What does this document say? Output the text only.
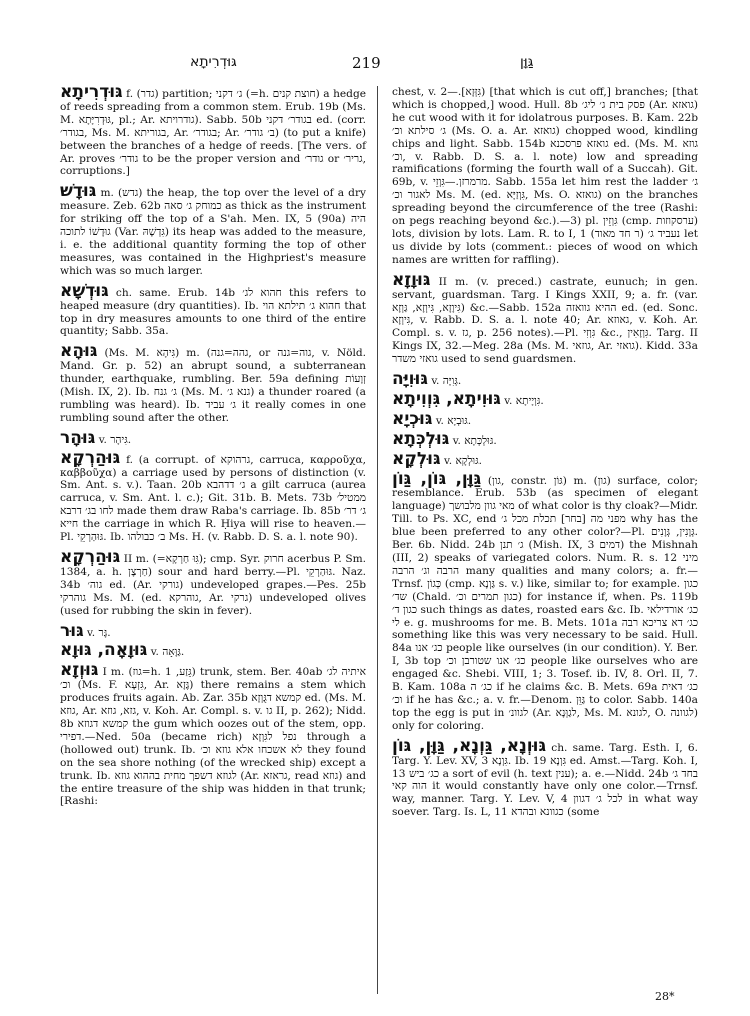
גּוּדְרִיתָא	219	גַּוָּן

גּוּדְרִיתָא f. (גדר) partition; ג׳ דקני (=h. חוצת קנים) a hedge of reeds spreading from a common stem. Erub. 19b (Ms. M. גּוּדְרִיָּתָא, pl.; Ar. גודרויתא). Sabb. 50b בגודר׳ דקני ed. (corr. בגודר׳, Ms. M. בגוריתא, Ar. בגודר׳; Ar. ב׳ גודר׳) (to put a knife) between the branches of a hedge of reeds. [The vers. of Ar. proves גודר׳ to be the proper version and גודר׳ or גריר׳, corruptions.]

גּוּדָשׁ m. (גדש) the heap, the top over the level of a dry measure. Zeb. 62b כמוחק ג׳ סאה as thick as the instrument for striking off the top of a S'ah. Men. IX, 5 (90a) היה גוּדָשׁוֹ לתוכה (Var. גִּדְשָׁהּ) its heap was added to the measure, i. e. the additional quantity forming the top of other measures, was contained in the Highpriest's measure which was so much larger.

גּוּדְשָׁא ch. same. Erub. 14b חהוא לג׳ this refers to heaped measure (dry quantities). Ib. חהוא ג׳ תילתא הוי that top in dry measures amounts to one third of the entire quantity; Sabb. 35a.

גּוּהָא (Ms. M. גִּיהָא) m. (גהה=גנה, or גוה=גנה, v. Nöld. Mand. Gr. p. 52) an abrupt sound, a subterranean thunder, earthquake, rumbling. Ber. 59a defining זְוָעוֹת (Mish. IX, 2). Ib. ג׳ גנח (Ms. M. גנא ג׳) a thunder roared (a rumbling was heard). Ib. ג׳ עביד it really comes in one rumbling sound after the other.

גּוּהָר v. גִּיהָר.

גּוּהַרְקָא f. (a corrupt. of גרהוקא, carruca, καρροῦχα, καββοῦχα) a carriage used by persons of distinction (v. Sm. Ant. s. v.). Taan. 20b ג׳ דדהבא a gilt carruca (aurea carruca, v. Sm. Ant. l. c.); Git. 31b. B. Mets. 73b ממטיל׳ לחו בג׳ דרבא made them draw Raba's carriage. Ib. 85b ג׳ דר׳ חייא the carriage in which R. Ḥiya will rise to heaven.—Pl. גּוּהַרְקֵי. Ib. ב׳ כבולהו Ms. H. (v. Rabb. D. S. a. l. note 90).

גּוּהַרְקָא II m. (=גִּוּ חַרְקָא); cmp. Syr. חרוק acerbus P. Sm. 1384, a. h. חַרְצָן) sour and hard berry.—Pl. גּוּהַרְקֵי. Naz. 34b גוה׳ ed. (Ar. גורקי) undeveloped grapes.—Pes. 25b גוהרקי Ms. M. (ed. גוהרקא, Ar. גרקי) undeveloped olives (used for rubbing the skin in fever).

גּוּר v. גָּר.

גּוּוָאָה, גּוּוָא v. גַּוָּאָה.

גּוּוְזָא I m. (גוז=h. גֵּזַע, 1) trunk, stem. Ber. 40ab איתיה לג׳ וכ׳ (Ms. F. גִּזְעָא, Ar. גֶּזָא) there remains a stem which produces fruits again. Ab. Zar. 35b קמשא דגֻּוְזָא ed. (Ms. M. גוזא, Ar. גזא, גוזא, v. Koh. Ar. Compl. s. v. גו II, p. 262); Nidd. 8b קמשא דגוזא the gum which oozes out of the stem, opp. דפירי.—Ned. 50a (became rich) נפל לגִּוְזָא through a (hollowed out) trunk. Ib. לא אשכחו אלא גוזא וכ׳ they found on the sea shore nothing (of the wrecked ship) except a trunk. Ib. לגוזא דשפך מחית בההוא גוזא (Ar. גראזא, read גוזא) and the entire treasure of the ship was hidden in that trunk; [Rashi:

chest, v. גִּזְּזָא].—2) [that which is cut off,] branches; [that which is chopped,] wood. Hull. 8b פסק בית ג׳ ליג׳ (Ar. גואזא) he cut wood with it for idolatrous purposes. B. Kam. 22b ג׳ סילתא וכ׳ (Ms. O. a. Ar. גואזא) chopped wood, kindling chips and light. Sabb. 154b גואזא פרסכנא ed. (Ms. M. גוזא וכ׳, v. Rabb. D. S. a. l. note) low and spreading ramifications (forming the fourth wall of a Succah). Git. 69b, v. מרמרזן.—גִּוְזֵי. Sabb. 155a let him rest the ladder ג׳ לאגור וכ׳ Ms. M. (ed. גִּוְזַיָּא, Ms. O. גואזא) on the branches spreading beyond the circumference of the tree (Rashi: on pegs reaching beyond &c.).—3) pl. גִּוְזֵין (cmp. ערסקוזות) lots, division by lots. Lam. R. to I, 1 (ר חד מאוד) נעביד ג׳ let us divide by lots (comment.: pieces of wood on which names are written for raffling).

גּוּוָזָא II m. (v. preced.) castrate, eunuch; in gen. servant, guardsman. Targ. I Kings XXII, 9; a. fr. (var. גִּיוָזָא, גִּיוְזָא, גַּוְזָא) &c.—Sabb. 152a ההיא גוואזה ed. (ed. Sonc. גִּיוְזָא, v. Rabb. D. S. a. l. note 40; Ar. גאוזא, v. Koh. Ar. Compl. s. v. גז, p. 256 notes).—Pl. גִּוְזִי &c., גִּוְזָאִין. Targ. II Kings IX, 32.—Meg. 28a (Ms. M. גוזאי, Ar. גואזי). Kidd. 33a גואזי משדר used to send guardsmen.

גּוּוִיָּה v. גְּוִיָּה.

גּוּוִיתָא, גִּוְוִיתָא v. גִּוְיָיתָא.

גּוּכְיָא v. גּוּבְיָא.

גּוּלְכְּתָא v. גּוּלְכְּתָא.

גּוּלְקָא v. גּוּלְקָא.

גַּוָּן, גּוֹן, גַּוֹן (גון, constr. גּוֹן) m. (גון) surface, color; resemblance. Erub. 53b (as specimen of elegant language) מאי גוון מלבושך of what color is thy cloak?—Midr. Till. to Ps. XC, end מפני מה [בחר] תכלת מכל ג׳ why has the blue been preferred to any other color?—Pl. גְּוָנִין, גְּוָנִים. Ber. 6b. Nidd. 24b ג׳ תנן (Mish. IX, 3 דמים) the Mishnah (III, 2) speaks of variegated colors. Num. R. s. 12 מיני הרבה וג׳ הרבה many qualities and many colors; a. fr.—Trnsf. כְּגוֹן (cmp. גַּוְנָא s. v.) like, similar to; for example. כגון שד׳ (Chald. כגון תמרים וכ׳) for instance if, when. Ps. 119b כגון ד׳ such things as dates, roasted ears &c. Ib. כג׳ אורדילאי לי e. g. mushrooms for me. B. Mets. 101a כג׳ דא צריכא רבה something like this was very necessary to be said. Hull. 84a כג׳ אנו people like ourselves (in our condition). Y. Ber. I, 3b top כג׳ אנו שטורבן וכ׳ people like ourselves who are engaged &c. Shebi. VIII, 1; 3. Tosef. ib. IV, 8. Orl. II, 7. B. Kam. 108a כג׳ ה if he claims &c. B. Mets. 69a כג׳ דאית וכ׳ if he has &c.; a. v. fr.—Denom. גַּוֵּן to color. Sabb. 140a top the egg is put in לגוונ׳ (Ar. לגַוְּנָא, Ms. M. לגונא, O. לגוונה) only for coloring.

גּוּוְנָא, גַּוְנָא, גַּוָּן, גּוֹן ch. same. Targ. Esth. I, 6. Targ. Y. Lev. XV, 3 גִּוְנָא. Ib. 19 גִּוְנָא ed. Amst.—Targ. Koh. I, 13 כג׳ ביש a sort of evil (h. text ענין); a. e.—Nidd. 24b בחד ג׳ הוה קאי it would constantly have only one color.—Trnsf. way, manner. Targ. Y. Lev. V, 4 לכל ג׳ דגוון in what way soever. Targ. Is. L, 11 כגוונא ובהדא (some

28*
